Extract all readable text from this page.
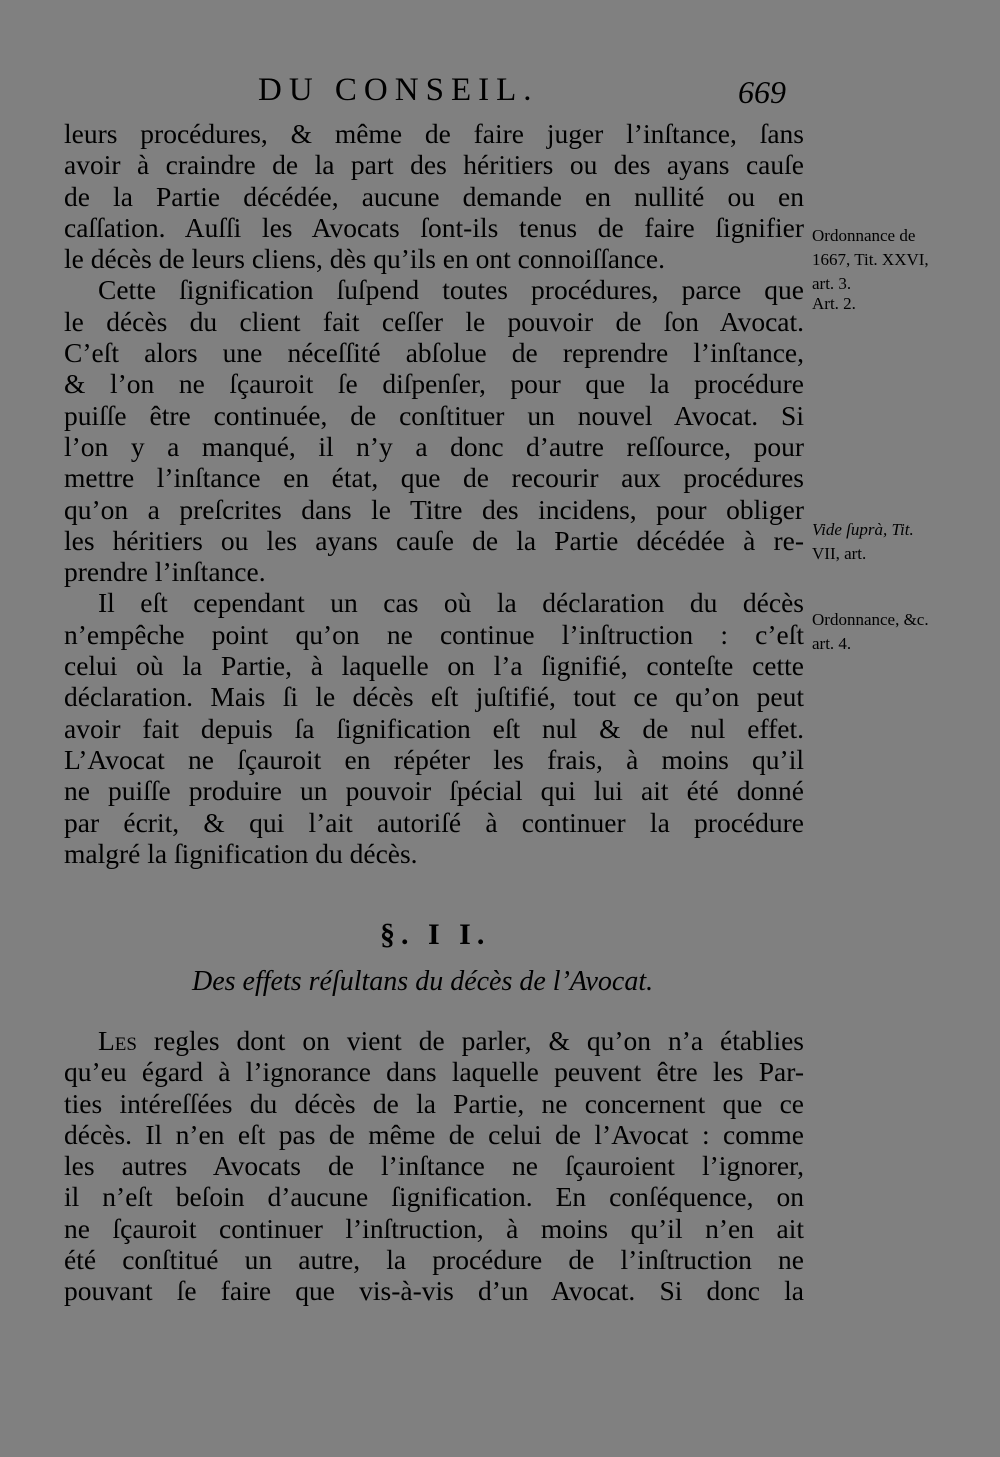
DU CONSEIL.	669
leurs procédures, & même de faire juger l’inſtance, ſans
avoir à craindre de la part des héritiers ou des ayans cauſe
de la Partie décédée, aucune demande en nullité ou en
caſſation. Auſſi les Avocats ſont-ils tenus de faire ſignifier
le décès de leurs cliens, dès qu’ils en ont connoiſſance.
Cette ſignification ſuſpend toutes procédures, parce que
le décès du client fait ceſſer le pouvoir de ſon Avocat.
C’eſt alors une néceſſité abſolue de reprendre l’inſtance,
& l’on ne ſçauroit ſe diſpenſer, pour que la procédure
puiſſe être continuée, de conſtituer un nouvel Avocat. Si
l’on y a manqué, il n’y a donc d’autre reſſource, pour
mettre l’inſtance en état, que de recourir aux procédures
qu’on a preſcrites dans le Titre des incidens, pour obliger
les héritiers ou les ayans cauſe de la Partie décédée à re-
prendre l’inſtance.
Il eſt cependant un cas où la déclaration du décès
n’empêche point qu’on ne continue l’inſtruction : c’eſt
celui où la Partie, à laquelle on l’a ſignifié, conteſte cette
déclaration. Mais ſi le décès eſt juſtifié, tout ce qu’on peut
avoir fait depuis ſa ſignification eſt nul & de nul effet.
L’Avocat ne ſçauroit en répéter les frais, à moins qu’il
ne puiſſe produire un pouvoir ſpécial qui lui ait été donné
par écrit, & qui l’ait autoriſé à continuer la procédure
malgré la ſignification du décès.
§. I I.
Des effets réſultans du décès de l’Avocat.
Les regles dont on vient de parler, & qu’on n’a établies
qu’eu égard à l’ignorance dans laquelle peuvent être les Par-
ties intéreſſées du décès de la Partie, ne concernent que ce
décès. Il n’en eſt pas de même de celui de l’Avocat : comme
les autres Avocats de l’inſtance ne ſçauroient l’ignorer,
il n’eſt beſoin d’aucune ſignification. En conſéquence, on
ne ſçauroit continuer l’inſtruction, à moins qu’il n’en ait
été conſtitué un autre, la procédure de l’inſtruction ne
pouvant ſe faire que vis-à-vis d’un Avocat. Si donc la
Ordonnance de
1667, Tit. XXVI,
art. 3.
Art. 2.
Vide ſuprà, Tit.
VII, art.
Ordonnance, &c.
art. 4.
